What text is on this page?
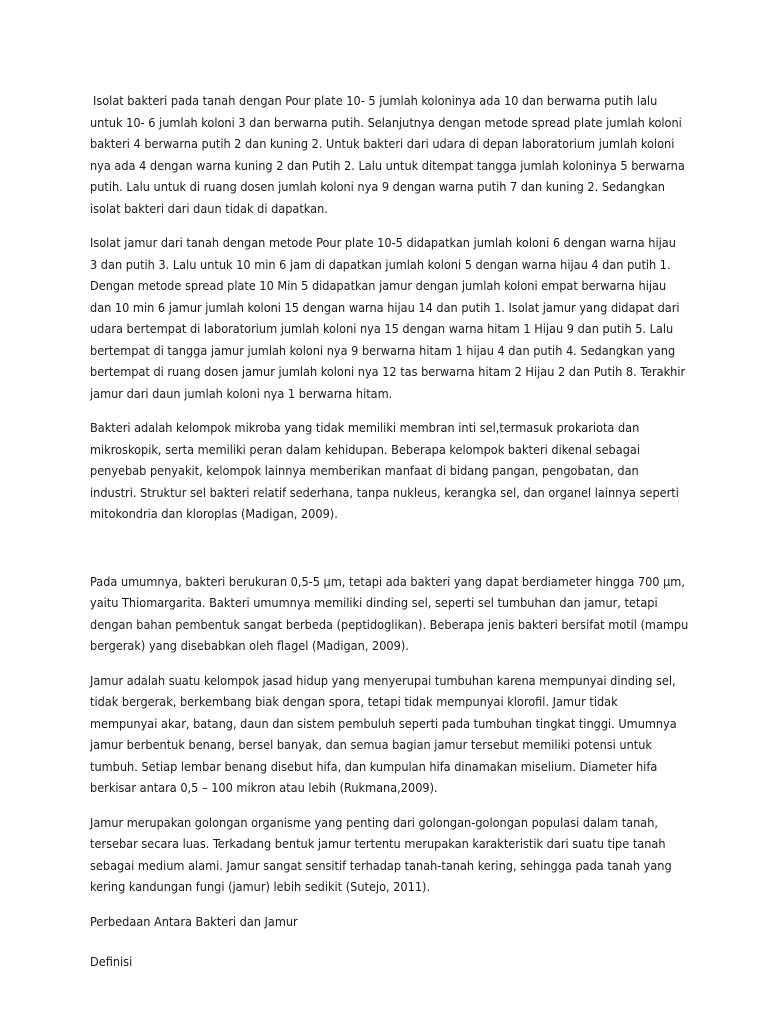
Isolat bakteri pada tanah dengan Pour plate 10- 5 jumlah koloninya ada 10 dan berwarna putih lalu
untuk 10- 6 jumlah koloni 3 dan berwarna putih. Selanjutnya dengan metode spread plate jumlah koloni
bakteri 4 berwarna putih 2 dan kuning 2. Untuk bakteri dari udara di depan laboratorium jumlah koloni
nya ada 4 dengan warna kuning 2 dan Putih 2. Lalu untuk ditempat tangga jumlah koloninya 5 berwarna
putih. Lalu untuk di ruang dosen jumlah koloni nya 9 dengan warna putih 7 dan kuning 2. Sedangkan
isolat bakteri dari daun tidak di dapatkan.

Isolat jamur dari tanah dengan metode Pour plate 10-5 didapatkan jumlah koloni 6 dengan warna hijau
3 dan putih 3. Lalu untuk 10 min 6 jam di dapatkan jumlah koloni 5 dengan warna hijau 4 dan putih 1.
Dengan metode spread plate 10 Min 5 didapatkan jamur dengan jumlah koloni empat berwarna hijau
dan 10 min 6 jamur jumlah koloni 15 dengan warna hijau 14 dan putih 1. Isolat jamur yang didapat dari
udara bertempat di laboratorium jumlah koloni nya 15 dengan warna hitam 1 Hijau 9 dan putih 5. Lalu
bertempat di tangga jamur jumlah koloni nya 9 berwarna hitam 1 hijau 4 dan putih 4. Sedangkan yang
bertempat di ruang dosen jamur jumlah koloni nya 12 tas berwarna hitam 2 Hijau 2 dan Putih 8. Terakhir
jamur dari daun jumlah koloni nya 1 berwarna hitam.

Bakteri adalah kelompok mikroba yang tidak memiliki membran inti sel,termasuk prokariota dan
mikroskopik, serta memiliki peran dalam kehidupan. Beberapa kelompok bakteri dikenal sebagai
penyebab penyakit, kelompok lainnya memberikan manfaat di bidang pangan, pengobatan, dan
industri. Struktur sel bakteri relatif sederhana, tanpa nukleus, kerangka sel, dan organel lainnya seperti
mitokondria dan kloroplas (Madigan, 2009).

Pada umumnya, bakteri berukuran 0,5-5 µm, tetapi ada bakteri yang dapat berdiameter hingga 700 µm,
yaitu Thiomargarita. Bakteri umumnya memiliki dinding sel, seperti sel tumbuhan dan jamur, tetapi
dengan bahan pembentuk sangat berbeda (peptidoglikan). Beberapa jenis bakteri bersifat motil (mampu
bergerak) yang disebabkan oleh flagel (Madigan, 2009).

Jamur adalah suatu kelompok jasad hidup yang menyerupai tumbuhan karena mempunyai dinding sel,
tidak bergerak, berkembang biak dengan spora, tetapi tidak mempunyai klorofil. Jamur tidak
mempunyai akar, batang, daun dan sistem pembuluh seperti pada tumbuhan tingkat tinggi. Umumnya
jamur berbentuk benang, bersel banyak, dan semua bagian jamur tersebut memiliki potensi untuk
tumbuh. Setiap lembar benang disebut hifa, dan kumpulan hifa dinamakan miselium. Diameter hifa
berkisar antara 0,5 – 100 mikron atau lebih (Rukmana,2009).

Jamur merupakan golongan organisme yang penting dari golongan-golongan populasi dalam tanah,
tersebar secara luas. Terkadang bentuk jamur tertentu merupakan karakteristik dari suatu tipe tanah
sebagai medium alami. Jamur sangat sensitif terhadap tanah-tanah kering, sehingga pada tanah yang
kering kandungan fungi (jamur) lebih sedikit (Sutejo, 2011).

Perbedaan Antara Bakteri dan Jamur

Definisi
